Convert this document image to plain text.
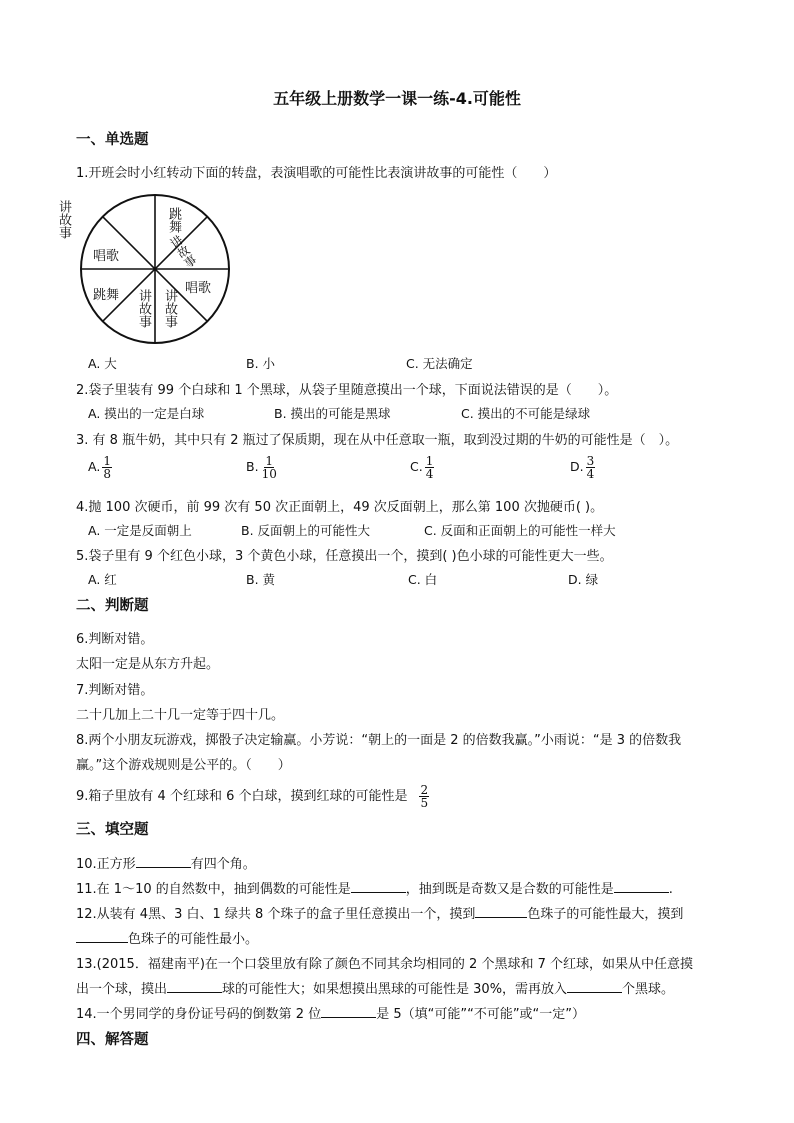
五年级上册数学一课一练-4.可能性
一、单选题
1.开班会时小红转动下面的转盘，表演唱歌的可能性比表演讲故事的可能性（　　）
讲故事	跳舞
讲故事
唱歌
讲故事
讲故事
跳舞
唱歌
A. 大	B. 小	C. 无法确定
2.袋子里装有 99 个白球和 1 个黑球，从袋子里随意摸出一个球，下面说法错误的是（　　）。
A. 摸出的一定是白球	B. 摸出的可能是黑球	C. 摸出的不可能是绿球
3. 有 8 瓶牛奶，其中只有 2 瓶过了保质期，现在从中任意取一瓶，取到没过期的牛奶的可能性是（　）。
A. $\frac{1}{8}$	B. $\frac{1}{10}$	C. $\frac{1}{4}$	D. $\frac{3}{4}$
4.抛 100 次硬币，前 99 次有 50 次正面朝上，49 次反面朝上，那么第 100 次抛硬币( )。
A. 一定是反面朝上	B. 反面朝上的可能性大	C. 反面和正面朝上的可能性一样大
5.袋子里有 9 个红色小球，3 个黄色小球，任意摸出一个，摸到( )色小球的可能性更大一些。
A. 红	B. 黄	C. 白	D. 绿
二、判断题
6.判断对错。
太阳一定是从东方升起。
7.判断对错。
二十几加上二十几一定等于四十几。
8.两个小朋友玩游戏，掷骰子决定输赢。小芳说：“朝上的一面是 2 的倍数我赢。”小雨说：“是 3 的倍数我
赢。”这个游戏规则是公平的。（　　）
9.箱子里放有 4 个红球和 6 个白球，摸到红球的可能性是 $\frac{2}{5}$
三、填空题
10.正方形	有四个角。
11.在 1～10 的自然数中，抽到偶数的可能性是	，抽到既是奇数又是合数的可能性是	.
12.从装有 4黑、3 白、1 绿共 8 个珠子的盒子里任意摸出一个，摸到	色珠子的可能性最大，摸到
色珠子的可能性最小。
13.(2015．福建南平)在一个口袋里放有除了颜色不同其余均相同的 2 个黑球和 7 个红球，如果从中任意摸
出一个球，摸出	球的可能性大；如果想摸出黑球的可能性是 30%，需再放入	个黑球。
14.一个男同学的身份证号码的倒数第 2 位	是 5（填“可能”“不可能”或“一定”）
四、解答题
